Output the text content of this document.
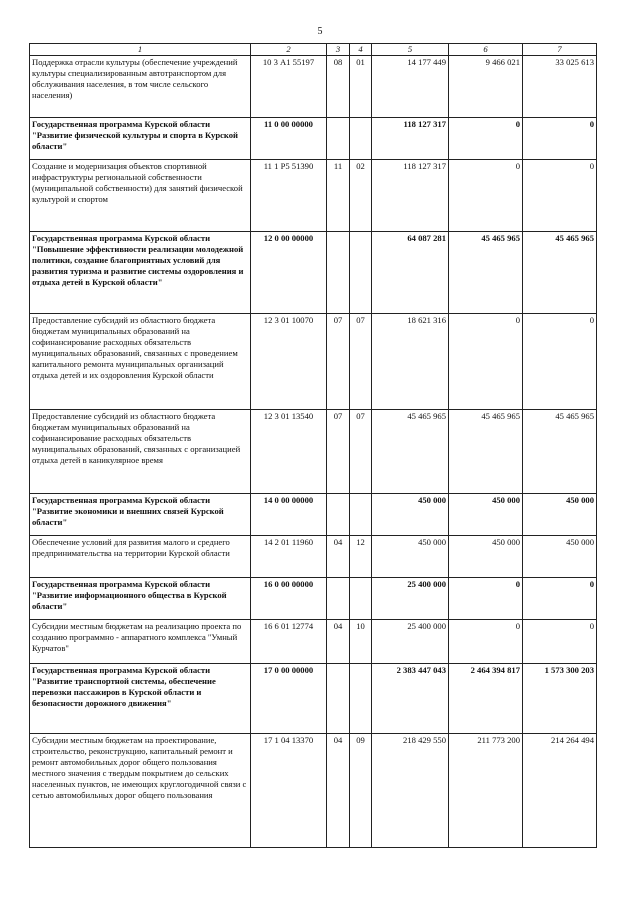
5
1	2	3	4	5	6	7
Поддержка отрасли культуры (обеспечение учреждений культуры специализированным автотранспортом для обслуживания населения, в том числе сельского населения)	10 3 А1 55197	08	01	14 177 449	9 466 021	33 025 613
Государственная программа Курской области "Развитие физической культуры и спорта в Курской области"	11 0 00 00000			118 127 317	0	0
Создание и модернизация объектов спортивной инфраструктуры региональной собственности (муниципальной собственности) для занятий физической культурой и спортом	11 1 Р5 51390	11	02	118 127 317	0	0
Государственная программа Курской области "Повышение эффективности реализации молодежной политики, создание благоприятных условий для развития туризма и развитие системы оздоровления и отдыха детей в Курской области"	12 0 00 00000			64 087 281	45 465 965	45 465 965
Предоставление субсидий из областного бюджета бюджетам муниципальных образований на софинансирование расходных обязательств муниципальных образований, связанных с проведением капитального ремонта муниципальных организаций отдыха детей и их оздоровления Курской области	12 3 01 10070	07	07	18 621 316	0	0
Предоставление субсидий из областного бюджета бюджетам муниципальных образований на софинансирование расходных обязательств муниципальных образований, связанных с организацией отдыха детей в каникулярное время	12 3 01 13540	07	07	45 465 965	45 465 965	45 465 965
Государственная программа Курской области "Развитие экономики и внешних связей Курской области"	14 0 00 00000			450 000	450 000	450 000
Обеспечение условий для развития малого и среднего предпринимательства на территории Курской области	14 2 01 11960	04	12	450 000	450 000	450 000
Государственная программа Курской области "Развитие информационного общества в Курской области"	16 0 00 00000			25 400 000	0	0
Субсидии местным бюджетам на реализацию проекта по созданию программно - аппаратного комплекса "Умный Курчатов"	16 6 01 12774	04	10	25 400 000	0	0
Государственная программа Курской области "Развитие транспортной системы, обеспечение перевозки пассажиров в Курской области и безопасности дорожного движения"	17 0 00 00000			2 383 447 043	2 464 394 817	1 573 300 203
Субсидии местным бюджетам на проектирование, строительство, реконструкцию, капитальный ремонт и ремонт автомобильных дорог общего пользования местного значения с твердым покрытием до сельских населенных пунктов, не имеющих круглогодичной связи с сетью автомобильных дорог общего пользования	17 1 04 13370	04	09	218 429 550	211 773 200	214 264 494
